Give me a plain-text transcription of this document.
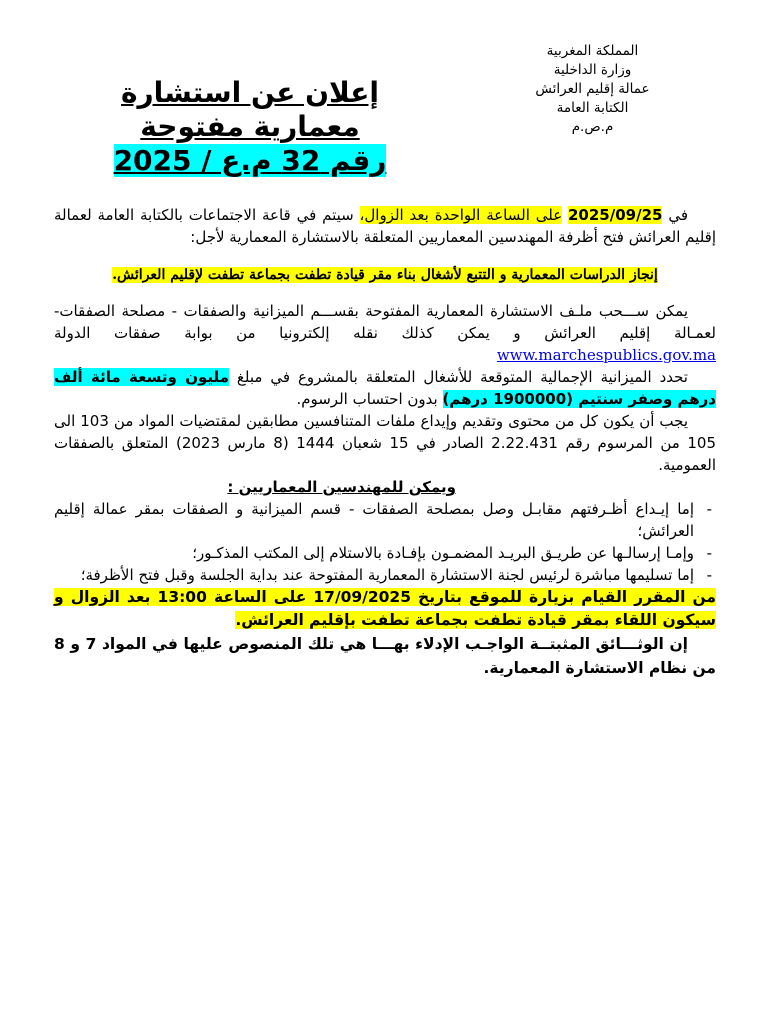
المملكة المغربية
وزارة الداخلية
عمالة إقليم العرائش
الكتابة العامة
م.ص.م
إعلان عن استشارة
معمارية مفتوحة
رقم 32 م.ع / 2025

في 2025/09/25 على الساعة الواحدة بعد الزوال، سيتم في قاعة الاجتماعات بالكتابة العامة لعمالة إقليم العرائش فتح أظرفة المهندسين المعماريين المتعلقة بالاستشارة المعمارية لأجل:

إنجاز الدراسات المعمارية و التتبع لأشغال بناء مقر قيادة تطفت بجماعة تطفت لإقليم العرائش.

يمكن ســـحب ملـف الاستشارة المعمارية المفتوحة بقســـم الميزانية والصفقات - مصلحة الصفقات- لعمـالة إقليم العرائش و يمكن كذلك نقله إلكترونيا من بوابة صفقات الدولة www.marchespublics.gov.ma

تحدد الميزانية الإجمالية المتوقعة للأشغال المتعلقة بالمشروع في مبلغ مليون وتسعة مائة ألف درهم وصفر سنتيم (1900000 درهم) بدون احتساب الرسوم.

يجب أن يكون كل من محتوى وتقديم وإيداع ملفات المتنافسين مطابقين لمقتضيات المواد من 103 الى 105 من المرسوم رقم 2.22.431 الصادر في 15 شعبان 1444 (8 مارس 2023) المتعلق بالصفقات العمومية.

ويمكن للمهندسين المعماريين :

- إما إيـداع أظـرفتهم مقابـل وصل بمصلحة الصفقات - قسم الميزانية و الصفقات بمقر عمالة إقليم العرائش؛
- وإمـا إرسالـها عن طريـق البريـد المضمـون بإفـادة بالاستلام إلى المكتب المذكـور؛
- إما تسليمها مباشرة لرئيس لجنة الاستشارة المعمارية المفتوحة عند بداية الجلسة وقبل فتح الأظرفة؛

من المقرر القيام بزيارة للموقع بتاريخ 17/09/2025 على الساعة 13:00 بعد الزوال و سيكون اللقاء بمقر قيادة تطفت بجماعة تطفت بإقليم العرائش.

إن الوثـــائق المثبتــة الواجـب الإدلاء بهـــا هي تلك المنصوص عليها في المواد 7 و 8 من نظام الاستشارة المعمارية.
